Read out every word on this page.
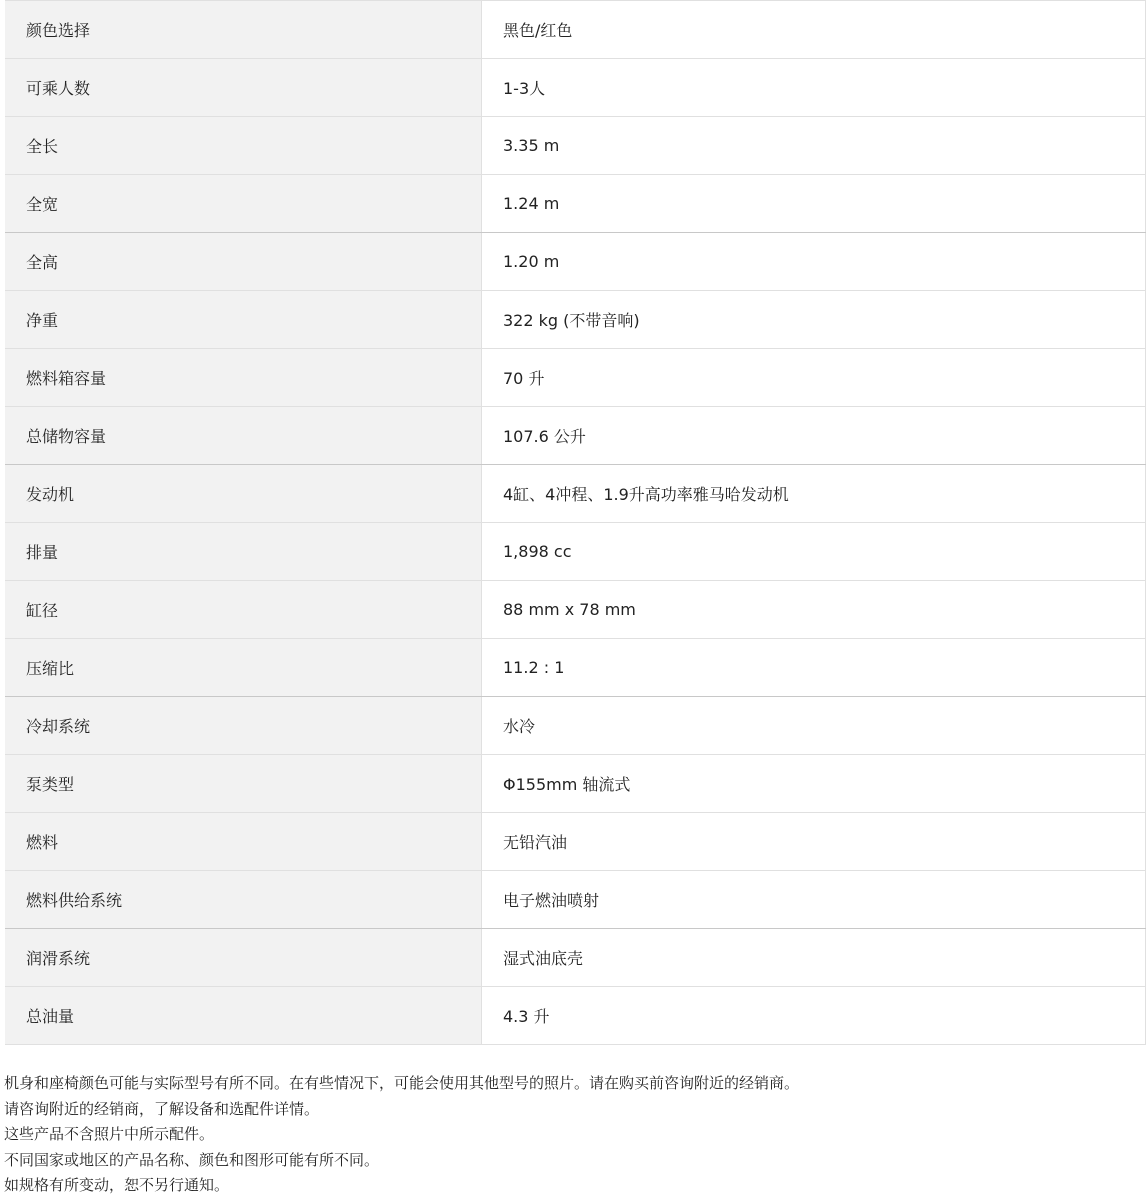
颜色选择	黑色/红色
可乘人数	1-3人
全长	3.35 m
全宽	1.24 m
全高	1.20 m
净重	322 kg (不带音响)
燃料箱容量	70 升
总储物容量	107.6 公升
发动机	4缸、4冲程、1.9升高功率雅马哈发动机
排量	1,898 cc
缸径	88 mm x 78 mm
压缩比	11.2 : 1
冷却系统	水冷
泵类型	Φ155mm 轴流式
燃料	无铅汽油
燃料供给系统	电子燃油喷射
润滑系统	湿式油底壳
总油量	4.3 升

机身和座椅颜色可能与实际型号有所不同。在有些情况下，可能会使用其他型号的照片。请在购买前咨询附近的经销商。

请咨询附近的经销商，了解设备和选配件详情。

这些产品不含照片中所示配件。

不同国家或地区的产品名称、颜色和图形可能有所不同。

如规格有所变动，恕不另行通知。
